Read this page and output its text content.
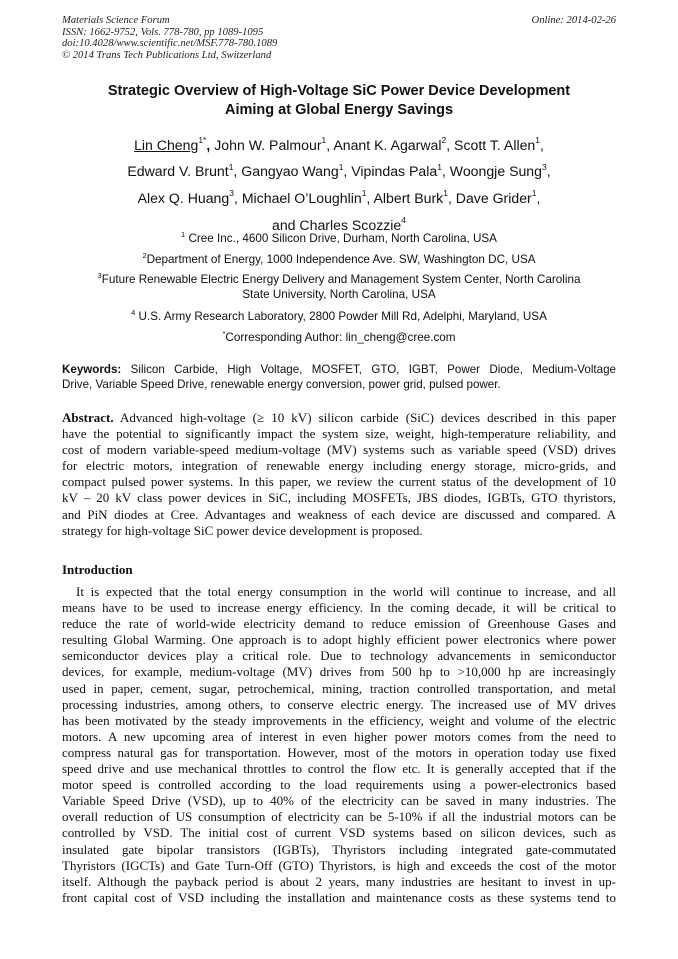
Materials Science Forum
ISSN: 1662-9752, Vols. 778-780, pp 1089-1095
doi:10.4028/www.scientific.net/MSF.778-780.1089
© 2014 Trans Tech Publications Ltd, Switzerland
Online: 2014-02-26
Strategic Overview of High-Voltage SiC Power Device Development
Aiming at Global Energy Savings
Lin Cheng$^{1*}$, John W. Palmour$^1$, Anant K. Agarwal$^2$, Scott T. Allen$^1$,
Edward V. Brunt$^1$, Gangyao Wang$^1$, Vipindas Pala$^1$, Woongje Sung$^3$,
Alex Q. Huang$^3$, Michael O’Loughlin$^1$, Albert Burk$^1$, Dave Grider$^1$,
and Charles Scozzie$^4$
$^1$ Cree Inc., 4600 Silicon Drive, Durham, North Carolina, USA
$^2$Department of Energy, 1000 Independence Ave. SW, Washington DC, USA
$^3$Future Renewable Electric Energy Delivery and Management System Center, North Carolina
State University, North Carolina, USA
$^4$ U.S. Army Research Laboratory, 2800 Powder Mill Rd, Adelphi, Maryland, USA
*Corresponding Author: lin_cheng@cree.com
Keywords: Silicon Carbide, High Voltage, MOSFET, GTO, IGBT, Power Diode, Medium-Voltage
Drive, Variable Speed Drive, renewable energy conversion, power grid, pulsed power.
Abstract. Advanced high-voltage (≥ 10 kV) silicon carbide (SiC) devices described in this paper
have the potential to significantly impact the system size, weight, high-temperature reliability, and
cost of modern variable-speed medium-voltage (MV) systems such as variable speed (VSD) drives
for electric motors, integration of renewable energy including energy storage, micro-grids, and
compact pulsed power systems. In this paper, we review the current status of the development of 10
kV – 20 kV class power devices in SiC, including MOSFETs, JBS diodes, IGBTs, GTO thyristors,
and PiN diodes at Cree. Advantages and weakness of each device are discussed and compared. A
strategy for high-voltage SiC power device development is proposed.
Introduction
It is expected that the total energy consumption in the world will continue to increase, and all
means have to be used to increase energy efficiency. In the coming decade, it will be critical to
reduce the rate of world-wide electricity demand to reduce emission of Greenhouse Gases and
resulting Global Warming. One approach is to adopt highly efficient power electronics where power
semiconductor devices play a critical role. Due to technology advancements in semiconductor
devices, for example, medium-voltage (MV) drives from 500 hp to >10,000 hp are increasingly
used in paper, cement, sugar, petrochemical, mining, traction controlled transportation, and metal
processing industries, among others, to conserve electric energy. The increased use of MV drives
has been motivated by the steady improvements in the efficiency, weight and volume of the electric
motors. A new upcoming area of interest in even higher power motors comes from the need to
compress natural gas for transportation. However, most of the motors in operation today use fixed
speed drive and use mechanical throttles to control the flow etc. It is generally accepted that if the
motor speed is controlled according to the load requirements using a power-electronics based
Variable Speed Drive (VSD), up to 40% of the electricity can be saved in many industries. The
overall reduction of US consumption of electricity can be 5-10% if all the industrial motors can be
controlled by VSD. The initial cost of current VSD systems based on silicon devices, such as
insulated gate bipolar transistors (IGBTs), Thyristors including integrated gate-commutated
Thyristors (IGCTs) and Gate Turn-Off (GTO) Thyristors, is high and exceeds the cost of the motor
itself. Although the payback period is about 2 years, many industries are hesitant to invest in up-
front capital cost of VSD including the installation and maintenance costs as these systems tend to
